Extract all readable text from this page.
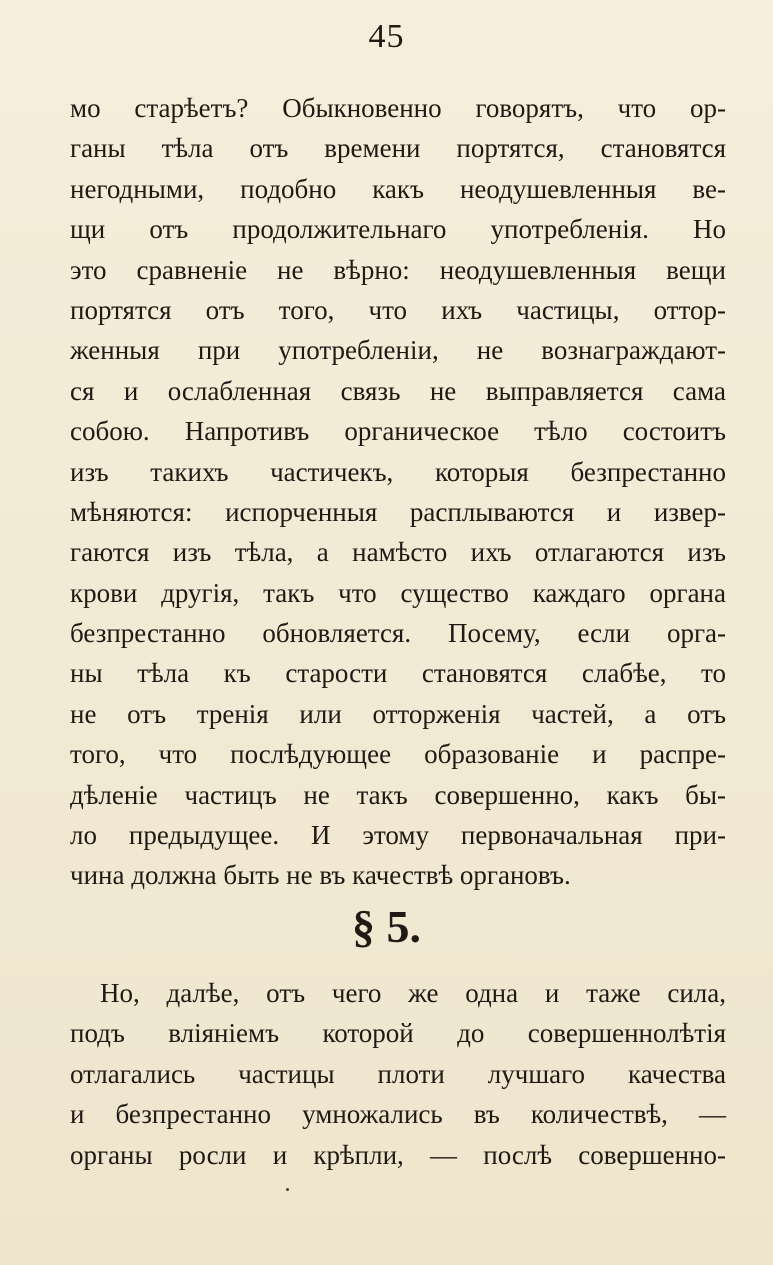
45
мо старѣетъ? Обыкновенно говорятъ, что ор-
ганы тѣла отъ времени портятся, становятся
негодными, подобно какъ неодушевленныя ве-
щи отъ продолжительнаго употребленія. Но
это сравненіе не вѣрно: неодушевленныя вещи
портятся отъ того, что ихъ частицы, оттор-
женныя при употребленіи, не вознаграждают-
ся и ослабленная связь не выправляется сама
собою. Напротивъ органическое тѣло состоитъ
изъ такихъ частичекъ, которыя безпрестанно
мѣняются: испорченныя расплываются и извер-
гаются изъ тѣла, а намѣсто ихъ отлагаются изъ
крови другія, такъ что существо каждаго органа
безпрестанно обновляется. Посему, если орга-
ны тѣла къ старости становятся слабѣе, то
не отъ тренія или отторженія частей, а отъ
того, что послѣдующее образованіе и распре-
дѣленіе частицъ не такъ совершенно, какъ бы-
ло предыдущее. И этому первоначальная при-
чина должна быть не въ качествѣ органовъ.
§ 5.
Но, далѣе, отъ чего же одна и таже сила,
подъ вліяніемъ которой до совершеннолѣтія
отлагались частицы плоти лучшаго качества
и безпрестанно умножались въ количествѣ, —
органы росли и крѣпли, — послѣ совершенно-
